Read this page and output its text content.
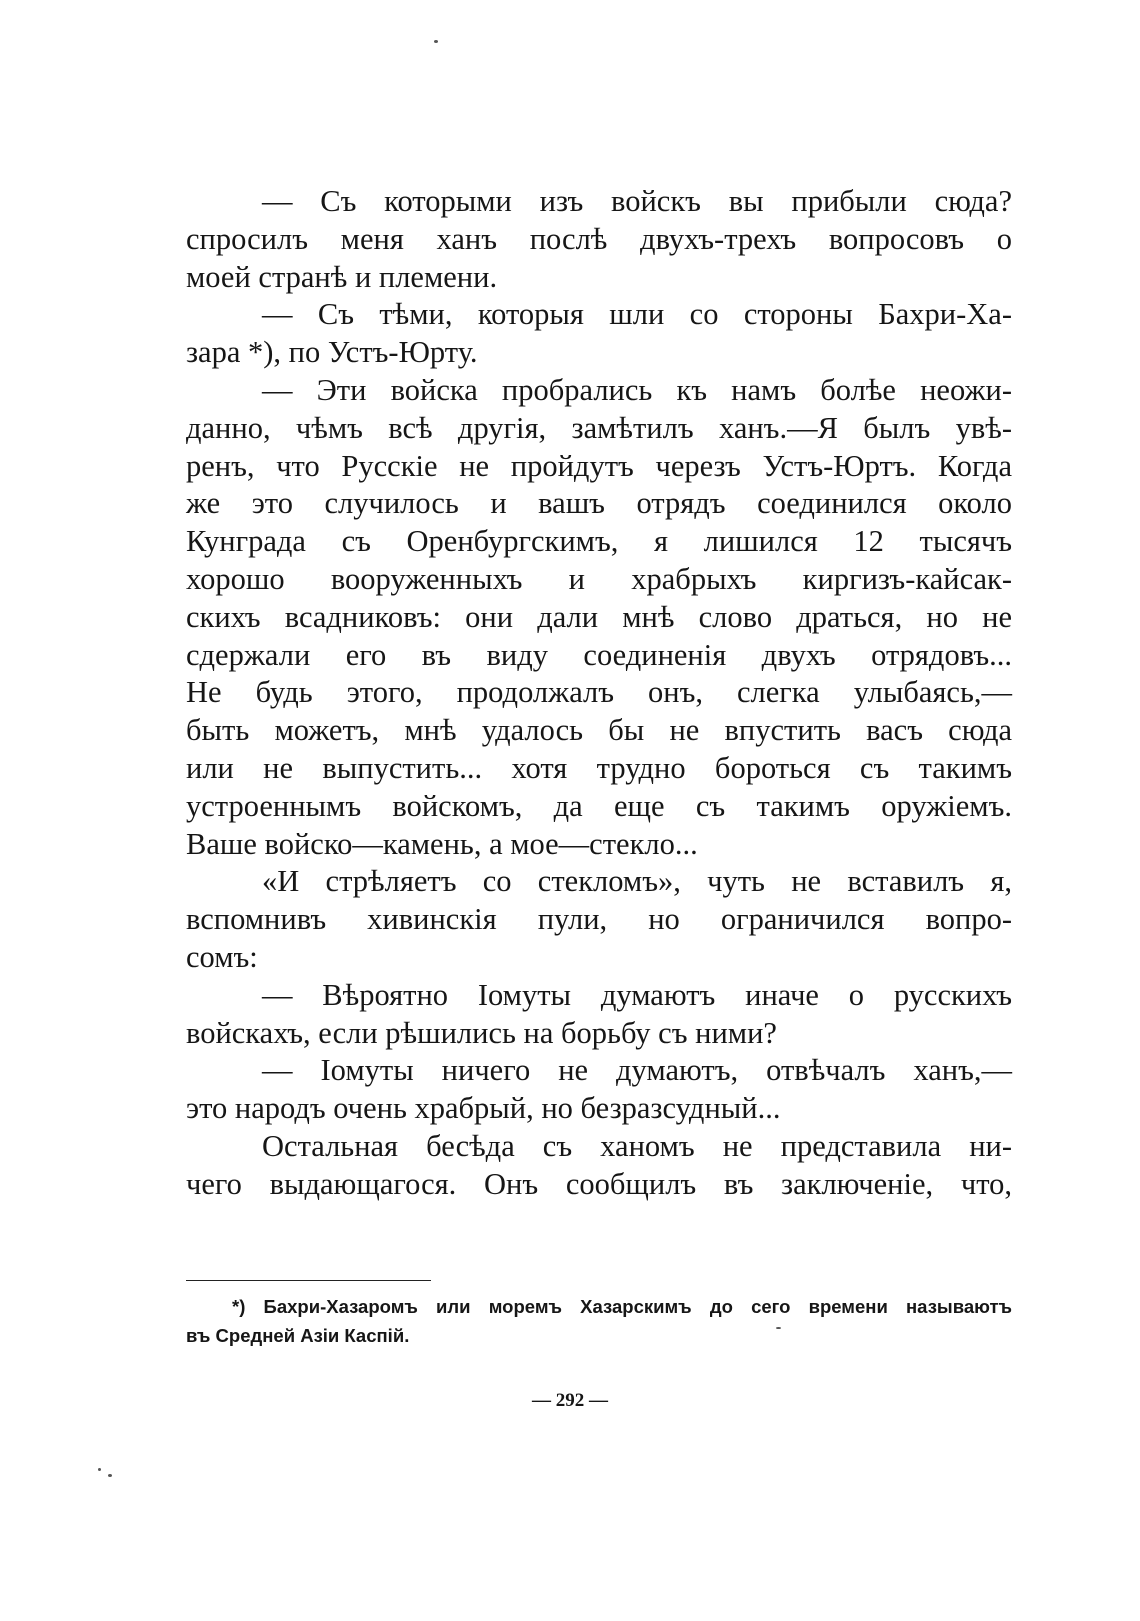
— Съ которыми изъ войскъ вы прибыли сюда?
спросилъ меня ханъ послѣ двухъ-трехъ вопросовъ о
моей странѣ и племени.
— Съ тѣми, которыя шли со стороны Бахри-Ха-
зара *), по Устъ-Юрту.
— Эти войска пробрались къ намъ болѣе неожи-
данно, чѣмъ всѣ другія, замѣтилъ ханъ.—Я былъ увѣ-
ренъ, что Русскіе не пройдутъ черезъ Устъ-Юртъ. Когда
же это случилось и вашъ отрядъ соединился около
Кунграда съ Оренбургскимъ, я лишился 12 тысячъ
хорошо вооруженныхъ и храбрыхъ киргизъ-кайсак-
скихъ всадниковъ: они дали мнѣ слово драться, но не
сдержали его въ виду соединенія двухъ отрядовъ...
Не будь этого, продолжалъ онъ, слегка улыбаясь,—
быть можетъ, мнѣ удалось бы не впустить васъ сюда
или не выпустить... хотя трудно бороться съ такимъ
устроеннымъ войскомъ, да еще съ такимъ оружіемъ.
Ваше войско—камень, а мое—стекло...
«И стрѣляетъ со стекломъ», чуть не вставилъ я,
вспомнивъ хивинскія пули, но ограничился вопро-
сомъ:
— Вѣроятно Іомуты думаютъ иначе о русскихъ
войскахъ, если рѣшились на борьбу съ ними?
— Іомуты ничего не думаютъ, отвѣчалъ ханъ,—
это народъ очень храбрый, но безразсудный...
Остальная бесѣда съ ханомъ не представила ни-
чего выдающагося. Онъ сообщилъ въ заключеніе, что,
*) Бахри-Хазаромъ или моремъ Хазарскимъ до сего времени называютъ
въ Средней Азіи Каспій.
— 292 —
